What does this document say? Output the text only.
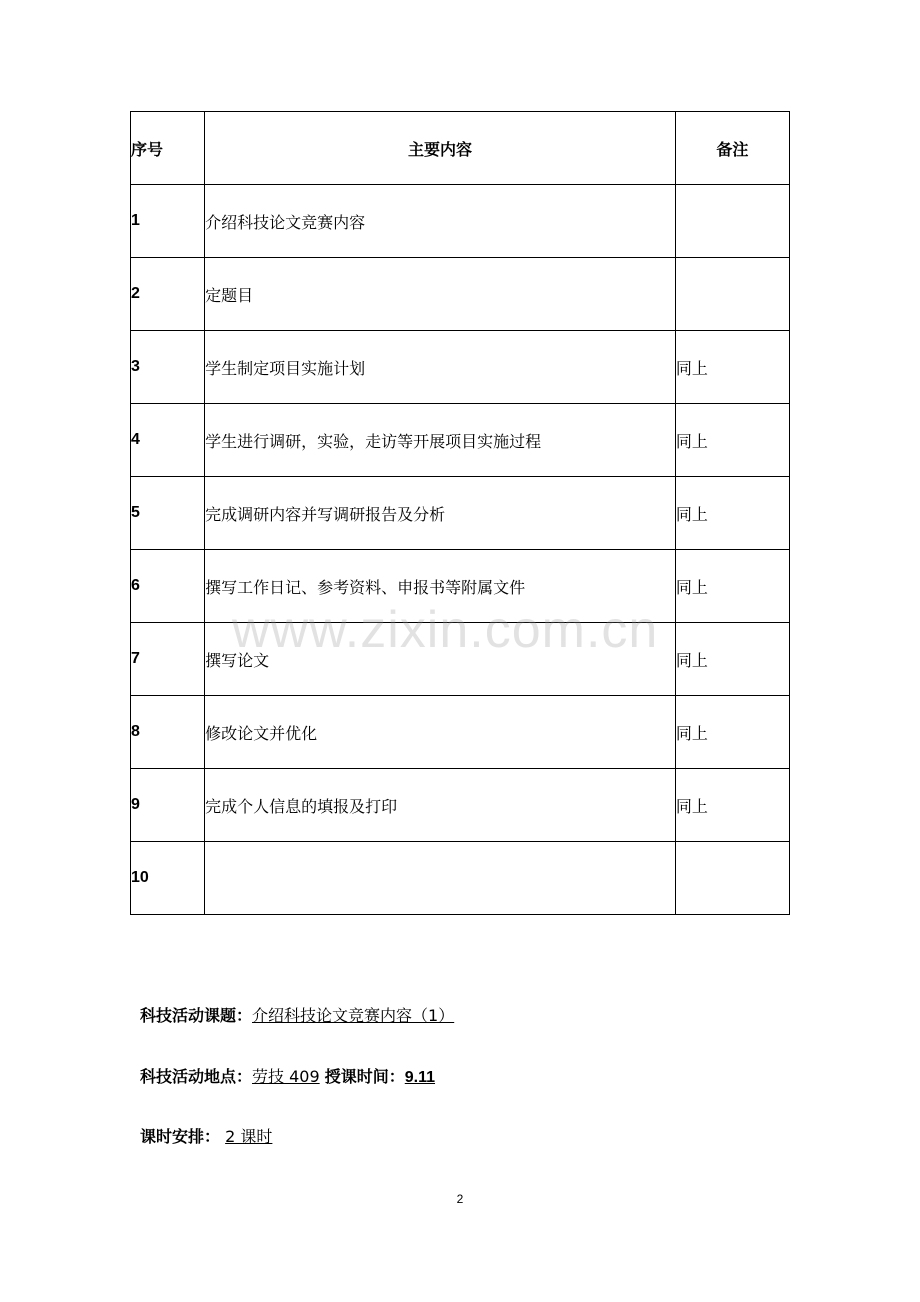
序号	主要内容	备注
1	介绍科技论文竞赛内容	
2	定题目	
3	学生制定项目实施计划	同上
4	学生进行调研，实验，走访等开展项目实施过程	同上
5	完成调研内容并写调研报告及分析	同上
6	撰写工作日记、参考资料、申报书等附属文件	同上
7	撰写论文	同上
8	修改论文并优化	同上
9	完成个人信息的填报及打印	同上
10		
www.zixin.com.cn
科技活动课题：介绍科技论文竞赛内容（1）
科技活动地点：劳技 409 授课时间：9.11
课时安排： 2 课时
2
